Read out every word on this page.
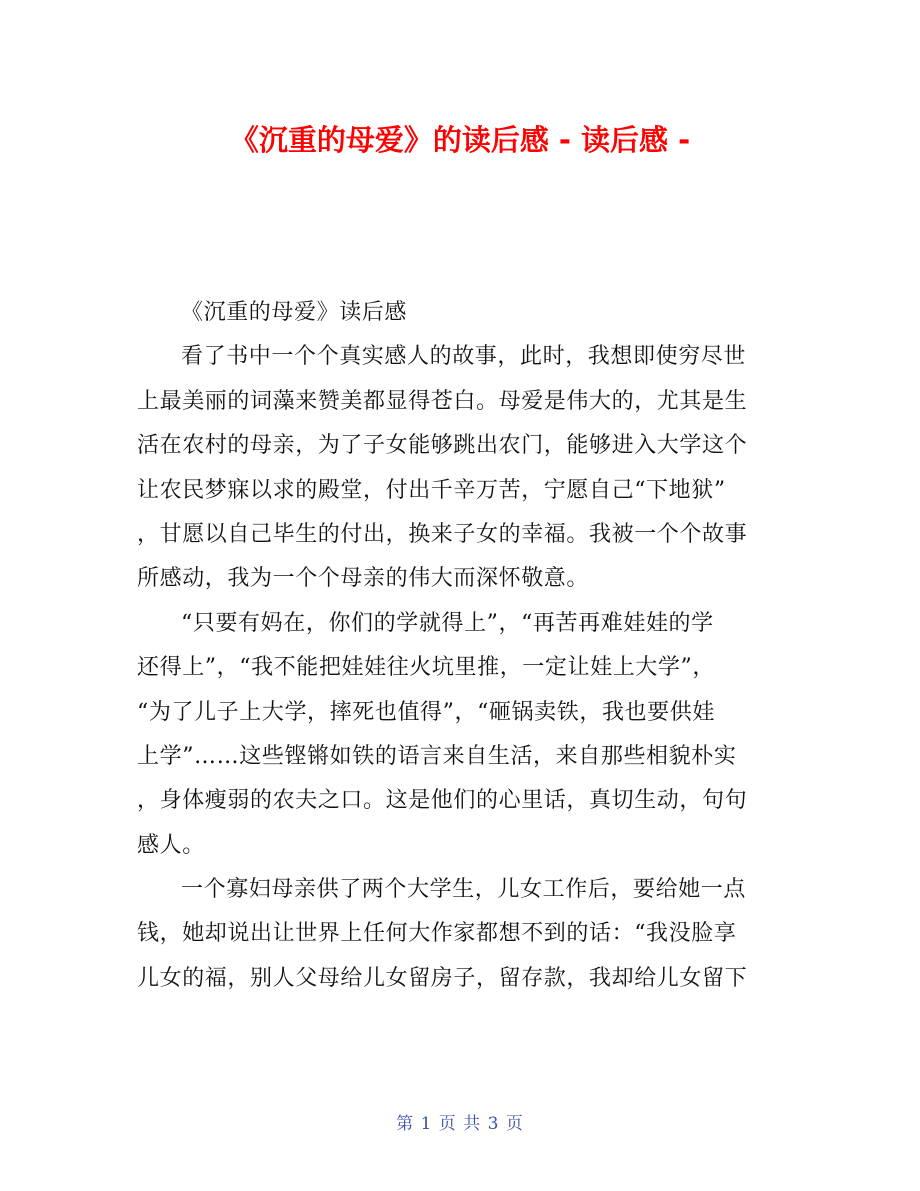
《沉重的母爱》的读后感 - 读后感 -
《沉重的母爱》读后感
看了书中一个个真实感人的故事，此时，我想即使穷尽世
上最美丽的词藻来赞美都显得苍白。母爱是伟大的，尤其是生
活在农村的母亲，为了子女能够跳出农门，能够进入大学这个
让农民梦寐以求的殿堂，付出千辛万苦，宁愿自己“下地狱”
，甘愿以自己毕生的付出，换来子女的幸福。我被一个个故事
所感动，我为一个个母亲的伟大而深怀敬意。
“只要有妈在，你们的学就得上”，“再苦再难娃娃的学
还得上”，“我不能把娃娃往火坑里推，一定让娃上大学”，
“为了儿子上大学，摔死也值得”，“砸锅卖铁，我也要供娃
上学”……这些铿锵如铁的语言来自生活，来自那些相貌朴实
，身体瘦弱的农夫之口。这是他们的心里话，真切生动，句句
感人。
一个寡妇母亲供了两个大学生，儿女工作后，要给她一点
钱，她却说出让世界上任何大作家都想不到的话：“我没脸享
儿女的福，别人父母给儿女留房子，留存款，我却给儿女留下
第 1 页 共 3 页
